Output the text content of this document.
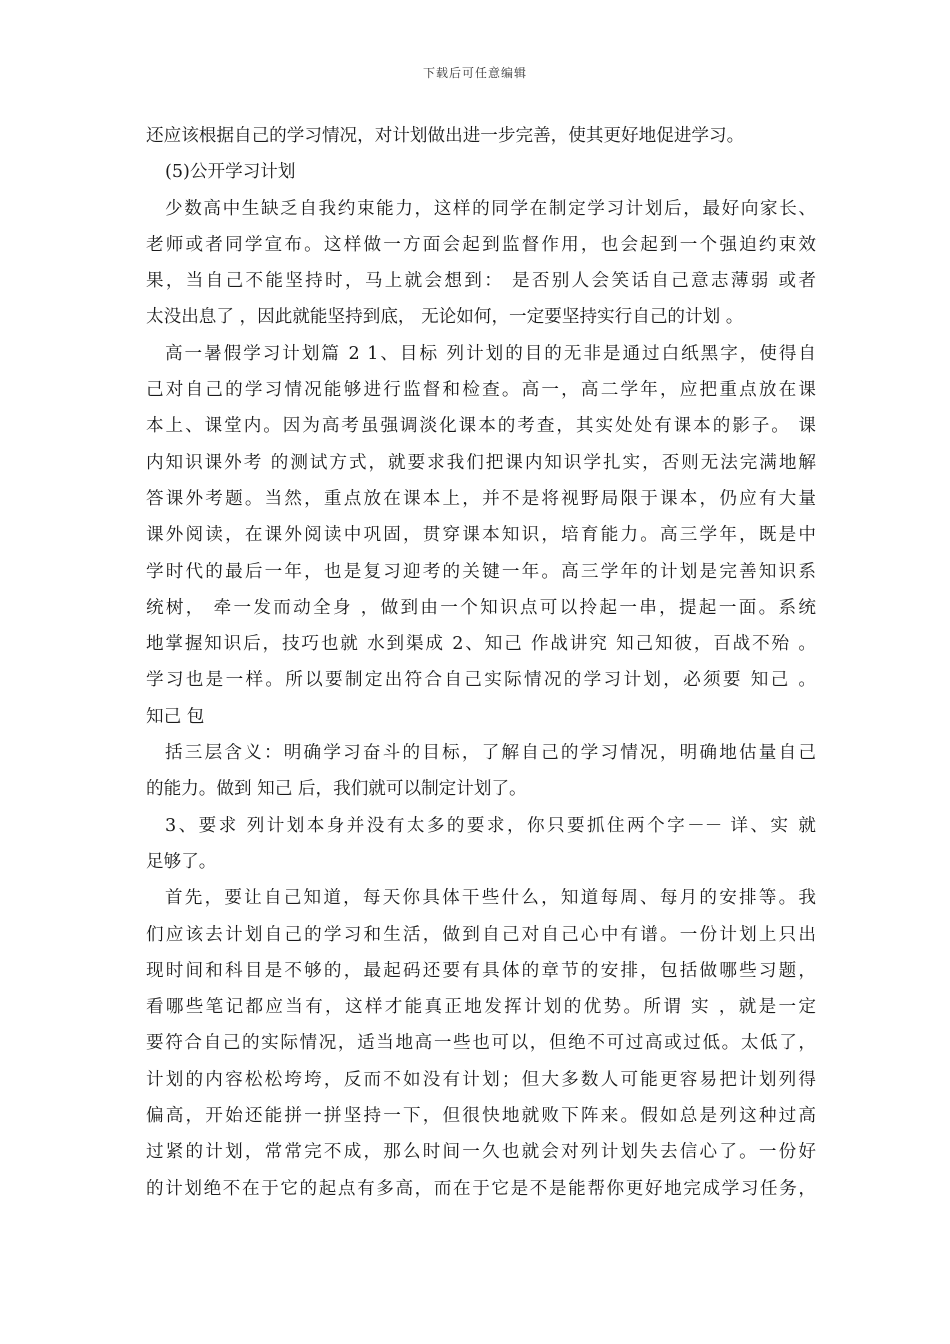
下载后可任意编辑
还应该根据自己的学习情况，对计划做出进一步完善，使其更好地促进学习。
(5)公开学习计划
少数高中生缺乏自我约束能力，这样的同学在制定学习计划后，最好向家长、
老师或者同学宣布。这样做一方面会起到监督作用，也会起到一个强迫约束效
果，当自己不能坚持时，马上就会想到： 是否别人会笑话自己意志薄弱 或者
太没出息了 ，因此就能坚持到底， 无论如何，一定要坚持实行自己的计划 。
高一暑假学习计划篇 2 1、目标 列计划的目的无非是通过白纸黑字，使得自
己对自己的学习情况能够进行监督和检查。高一，高二学年，应把重点放在课
本上、课堂内。因为高考虽强调淡化课本的考查，其实处处有课本的影子。 课
内知识课外考 的测试方式，就要求我们把课内知识学扎实，否则无法完满地解
答课外考题。当然，重点放在课本上，并不是将视野局限于课本，仍应有大量
课外阅读，在课外阅读中巩固，贯穿课本知识，培育能力。高三学年，既是中
学时代的最后一年，也是复习迎考的关键一年。高三学年的计划是完善知识系
统树， 牵一发而动全身 ，做到由一个知识点可以拎起一串，提起一面。系统
地掌握知识后，技巧也就 水到渠成 2、知己 作战讲究 知己知彼，百战不殆 。
学习也是一样。所以要制定出符合自己实际情况的学习计划，必须要 知己 。
知己 包
括三层含义：明确学习奋斗的目标，了解自己的学习情况，明确地估量自己
的能力。做到 知己 后，我们就可以制定计划了。
3、要求 列计划本身并没有太多的要求，你只要抓住两个字－－ 详、实 就
足够了。
首先，要让自己知道，每天你具体干些什么，知道每周、每月的安排等。我
们应该去计划自己的学习和生活，做到自己对自己心中有谱。一份计划上只出
现时间和科目是不够的，最起码还要有具体的章节的安排，包括做哪些习题，
看哪些笔记都应当有，这样才能真正地发挥计划的优势。所谓 实 ，就是一定
要符合自己的实际情况，适当地高一些也可以，但绝不可过高或过低。太低了，
计划的内容松松垮垮，反而不如没有计划；但大多数人可能更容易把计划列得
偏高，开始还能拼一拼坚持一下，但很快地就败下阵来。假如总是列这种过高
过紧的计划，常常完不成，那么时间一久也就会对列计划失去信心了。一份好
的计划绝不在于它的起点有多高，而在于它是不是能帮你更好地完成学习任务，
